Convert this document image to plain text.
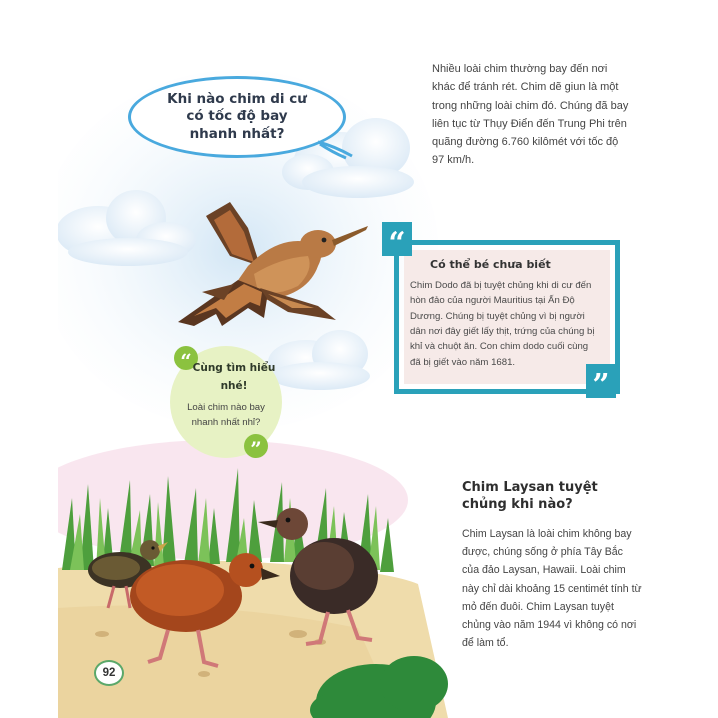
Khi nào chim di cư có tốc độ bay nhanh nhất?
Nhiều loài chim thường bay đến nơi khác để tránh rét. Chim dẽ giun là một trong những loài chim đó. Chúng đã bay liên tục từ Thụy Điển đến Trung Phi trên quãng đường 6.760 kilômét với tốc độ 97 km/h.
“
”
Có thể bé chưa biết
Chim Dodo đã bị tuyệt chủng khi di cư đến hòn đảo của người Mauritius tại Ấn Độ Dương. Chúng bị tuyệt chủng vì bị người dân nơi đây giết lấy thịt, trứng của chúng bị khỉ và chuột ăn. Con chim dodo cuối cùng đã bị giết vào năm 1681.
“
”
Cùng tìm hiểu nhé!
Loài chim nào bay nhanh nhất nhỉ?
Chim Laysan tuyệt chủng khi nào?
Chim Laysan là loài chim không bay được, chúng sống ở phía Tây Bắc của đảo Laysan, Hawaii. Loài chim này chỉ dài khoảng 15 centimét tính từ mỏ đến đuôi. Chim Laysan tuyệt chủng vào năm 1944 vì không có nơi để làm tổ.
92
